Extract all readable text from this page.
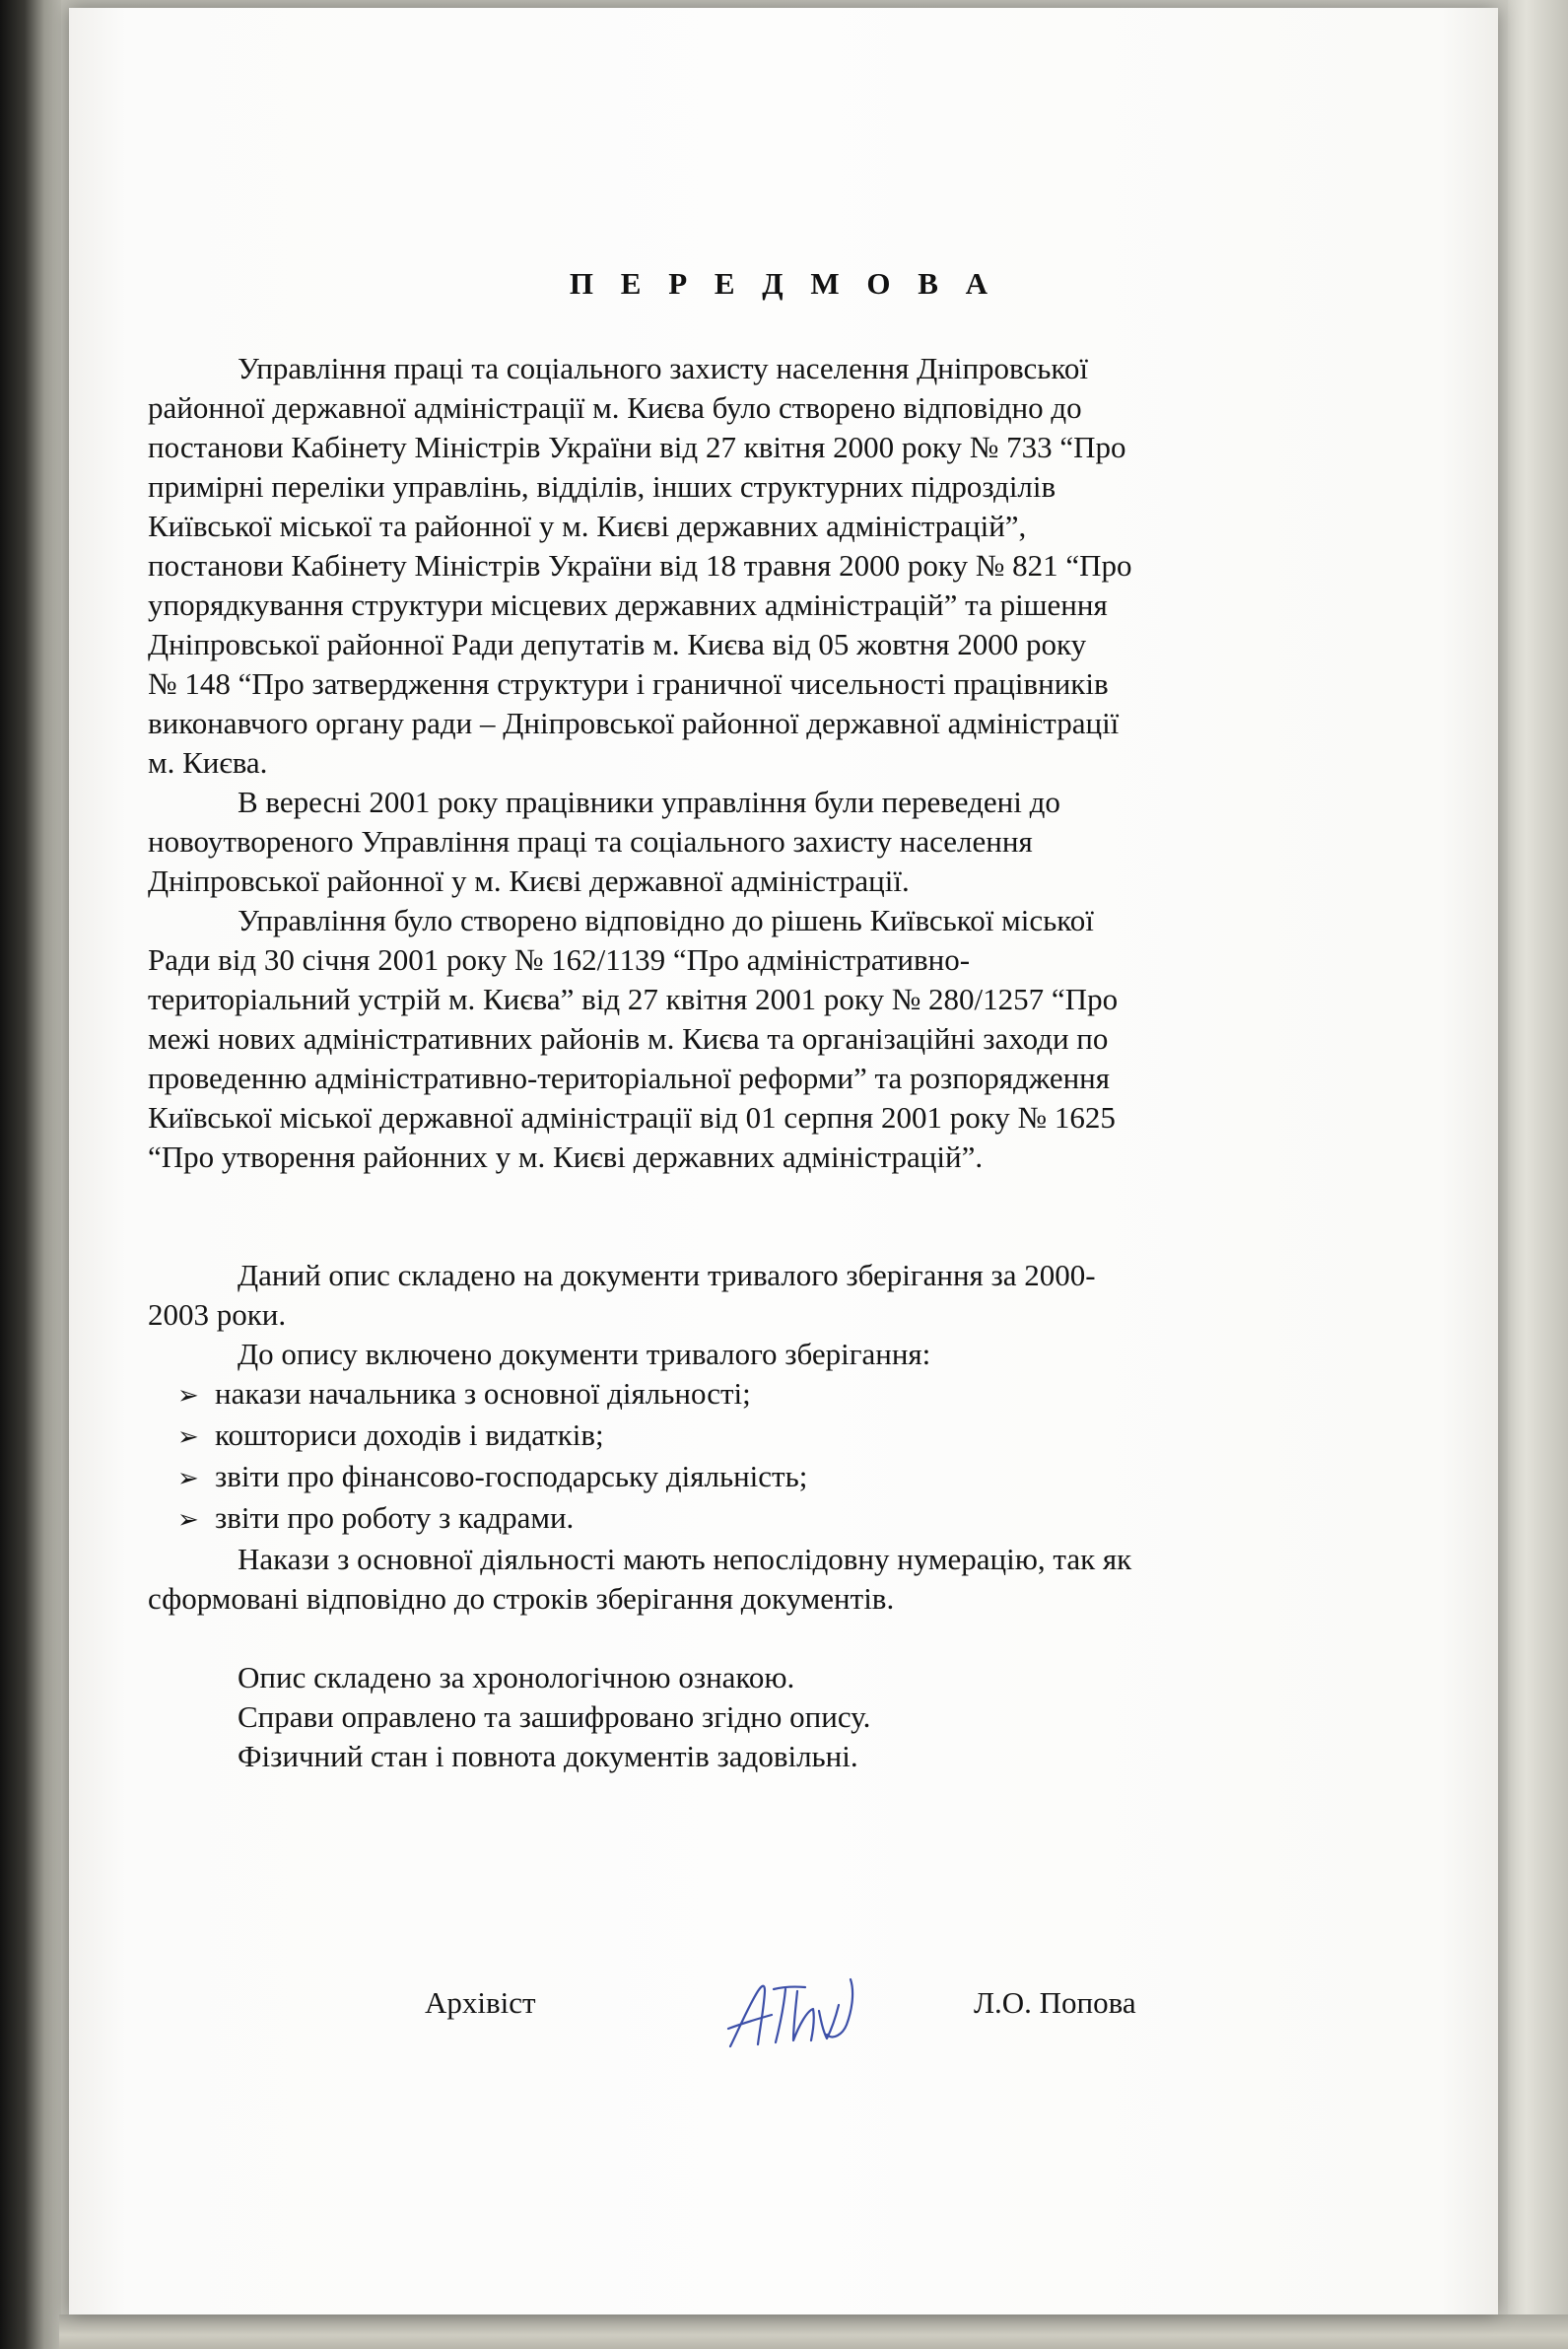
П Е Р Е Д М О В А

Управління праці та соціального захисту населення Дніпровської
районної державної адміністрації м. Києва було створено відповідно до
постанови Кабінету Міністрів України від 27 квітня 2000 року № 733 “Про
примірні переліки управлінь, відділів, інших структурних підрозділів
Київської міської та районної у м. Києві державних адміністрацій”,
постанови Кабінету Міністрів України від 18 травня 2000 року № 821 “Про
упорядкування структури місцевих державних адміністрацій” та рішення
Дніпровської районної Ради депутатів м. Києва від 05 жовтня 2000 року
№ 148 “Про затвердження структури і граничної чисельності працівників
виконавчого органу ради – Дніпровської районної державної адміністрації
м. Києва.

В вересні 2001 року працівники управління були переведені до
новоутвореного Управління праці та соціального захисту населення
Дніпровської районної у м. Києві державної адміністрації.

Управління було створено відповідно до рішень Київської міської
Ради від 30 січня 2001 року № 162/1139 “Про адміністративно-
територіальний устрій м. Києва” від 27 квітня 2001 року № 280/1257 “Про
межі нових адміністративних районів м. Києва та організаційні заходи по
проведенню адміністративно-територіальної реформи” та розпорядження
Київської міської державної адміністрації від 01 серпня 2001 року № 1625
“Про утворення районних у м. Києві державних адміністрацій”.

Даний опис складено на документи тривалого зберігання за 2000-
2003 роки.

До опису включено документи тривалого зберігання:

➢ накази начальника з основної діяльності;
➢ кошториси доходів і видатків;
➢ звіти про фінансово-господарську діяльність;
➢ звіти про роботу з кадрами.

Накази з основної діяльності мають непослідовну нумерацію, так як
сформовані відповідно до строків зберігання документів.

Опис складено за хронологічною ознакою.
Справи оправлено та зашифровано згідно опису.
Фізичний стан і повнота документів задовільні.

Архівіст	Л.О. Попова
